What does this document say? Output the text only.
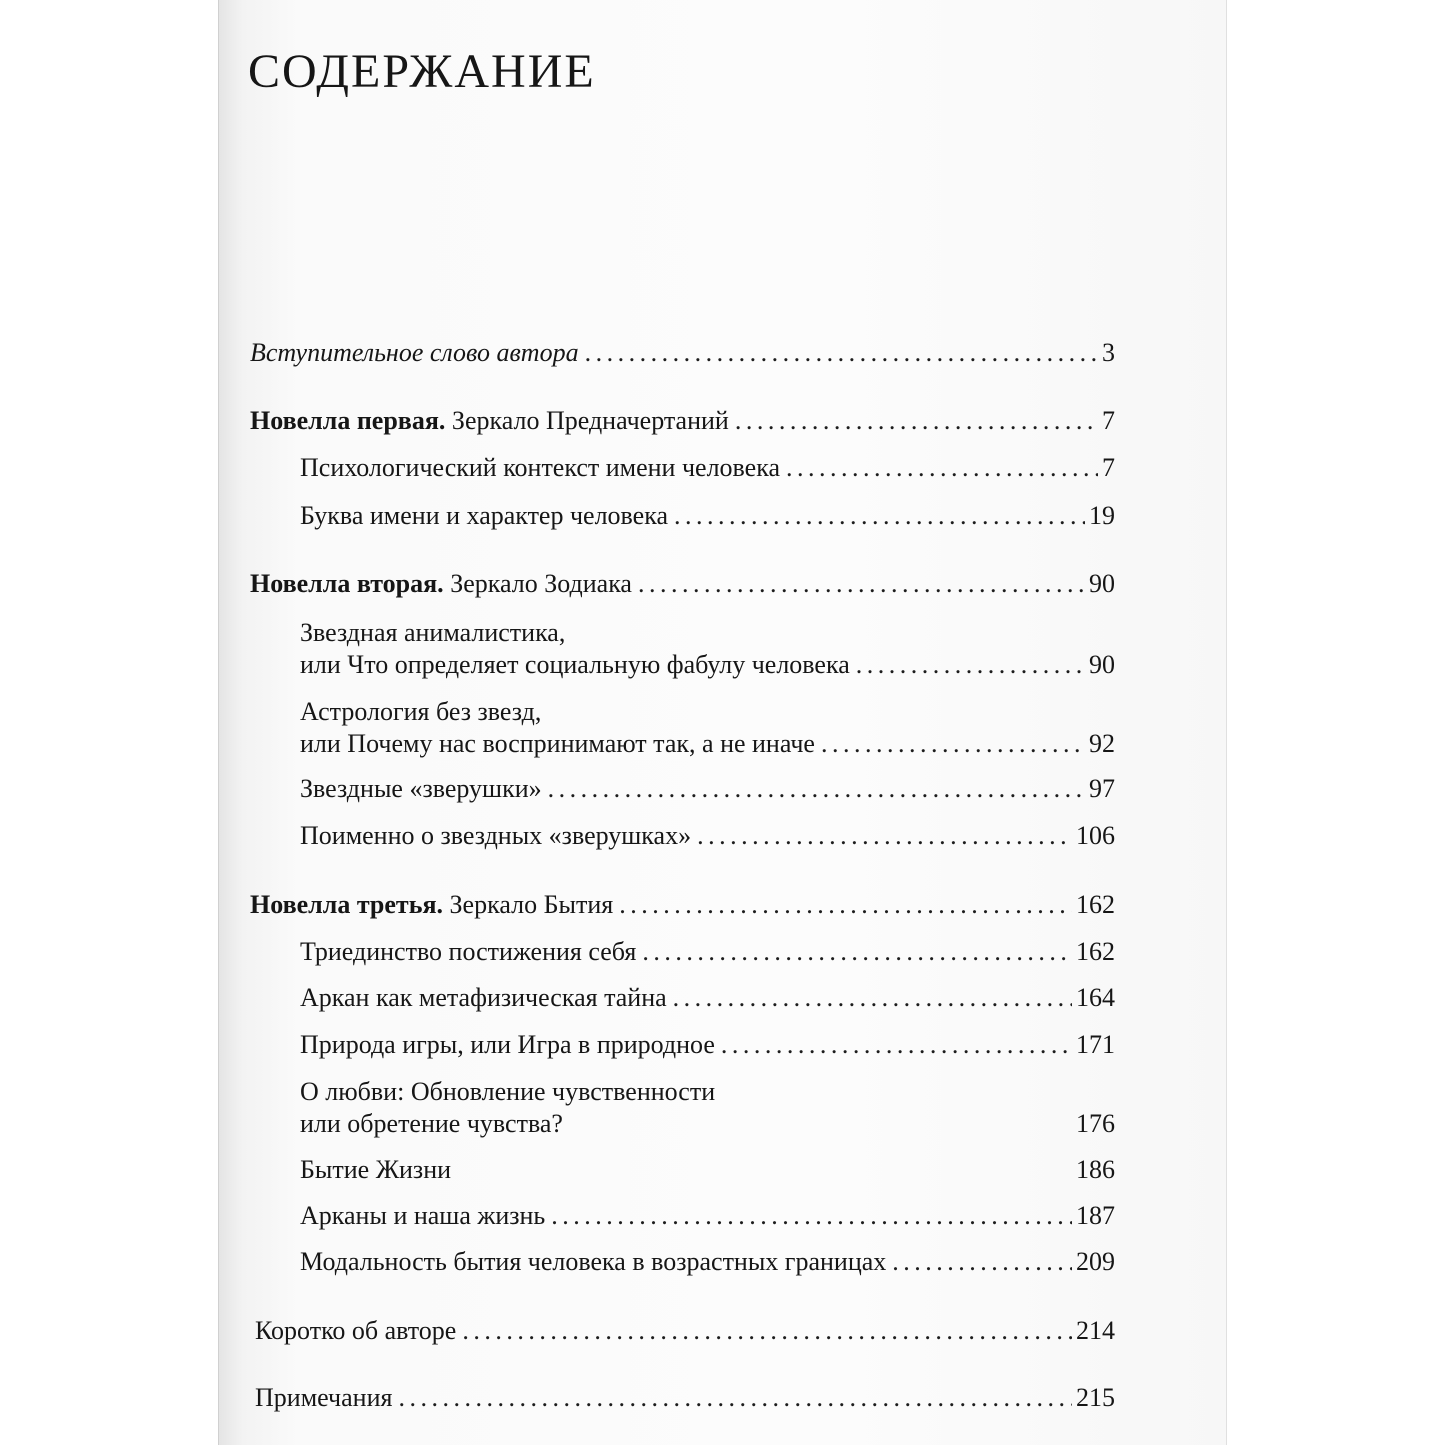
СОДЕРЖАНИЕ
Вступительное слово автора . . .	3
Новелла первая. Зеркало Предначертаний . . .	7
Психологический контекст имени человека . . .	7
Буква имени и характер человека . . .	19
Новелла вторая. Зеркало Зодиака . . .	90
Звездная анималистика,
или Что определяет социальную фабулу человека . . .	90
Астрология без звезд,
или Почему нас воспринимают так, а не иначе . . .	92
Звездные «зверушки» . . .	97
Поименно о звездных «зверушках» . . .	106
Новелла третья. Зеркало Бытия . . .	162
Триединство постижения себя . . .	162
Аркан как метафизическая тайна . . .	164
Природа игры, или Игра в природное . . .	171
О любви: Обновление чувственности
или обретение чувства?	176
Бытие Жизни	186
Арканы и наша жизнь . . .	187
Модальность бытия человека в возрастных границах . . .	209
Коротко об авторе . . .	214
Примечания . . .	215
